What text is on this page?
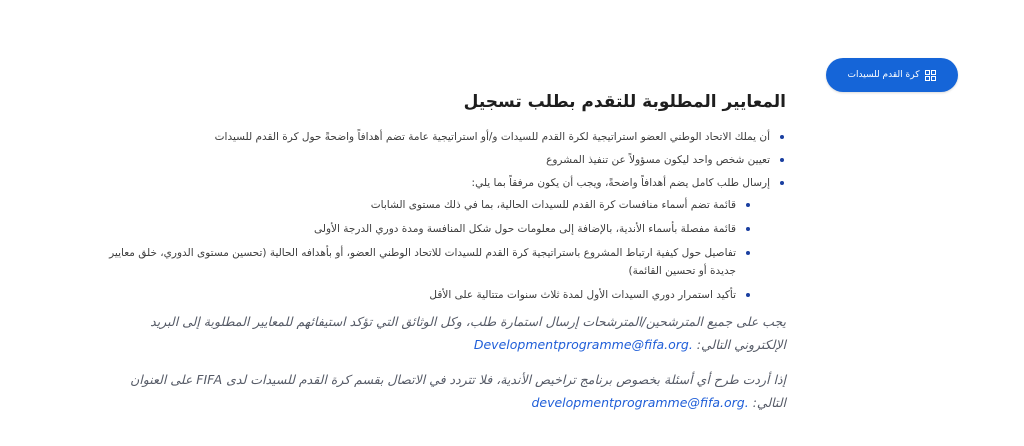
كرة القدم للسيدات
المعايير المطلوبة للتقدم بطلب تسجيل
أن يملك الاتحاد الوطني العضو استراتيجية لكرة القدم للسيدات و/أو استراتيجية عامة تضم أهدافاً واضحةً حول كرة القدم للسيدات
تعيين شخص واحد ليكون مسؤولاً عن تنفيذ المشروع
إرسال طلب كامل يضم أهدافاً واضحةً، ويجب أن يكون مرفقاً بما يلي:
قائمة تضم أسماء منافسات كرة القدم للسيدات الحالية، بما في ذلك مستوى الشابات
قائمة مفصلة بأسماء الأندية، بالإضافة إلى معلومات حول شكل المنافسة ومدة دوري الدرجة الأولى
تفاصيل حول كيفية ارتباط المشروع باستراتيجية كرة القدم للسيدات للاتحاد الوطني العضو، أو بأهدافه الحالية (تحسين مستوى الدوري، خلق معايير جديدة أو تحسين القائمة)
تأكيد استمرار دوري السيدات الأول لمدة ثلاث سنوات متتالية على الأقل

يجب على جميع المترشحين/المترشحات إرسال استمارة طلب، وكل الوثائق التي تؤكد استيفائهم للمعايير المطلوبة إلى البريد الإلكتروني التالي: Developmentprogramme@fifa.org.

إذا أردت طرح أي أسئلة بخصوص برنامج تراخيص الأندية، فلا تتردد في الاتصال بقسم كرة القدم للسيدات لدى FIFA على العنوان التالي: developmentprogramme@fifa.org.
